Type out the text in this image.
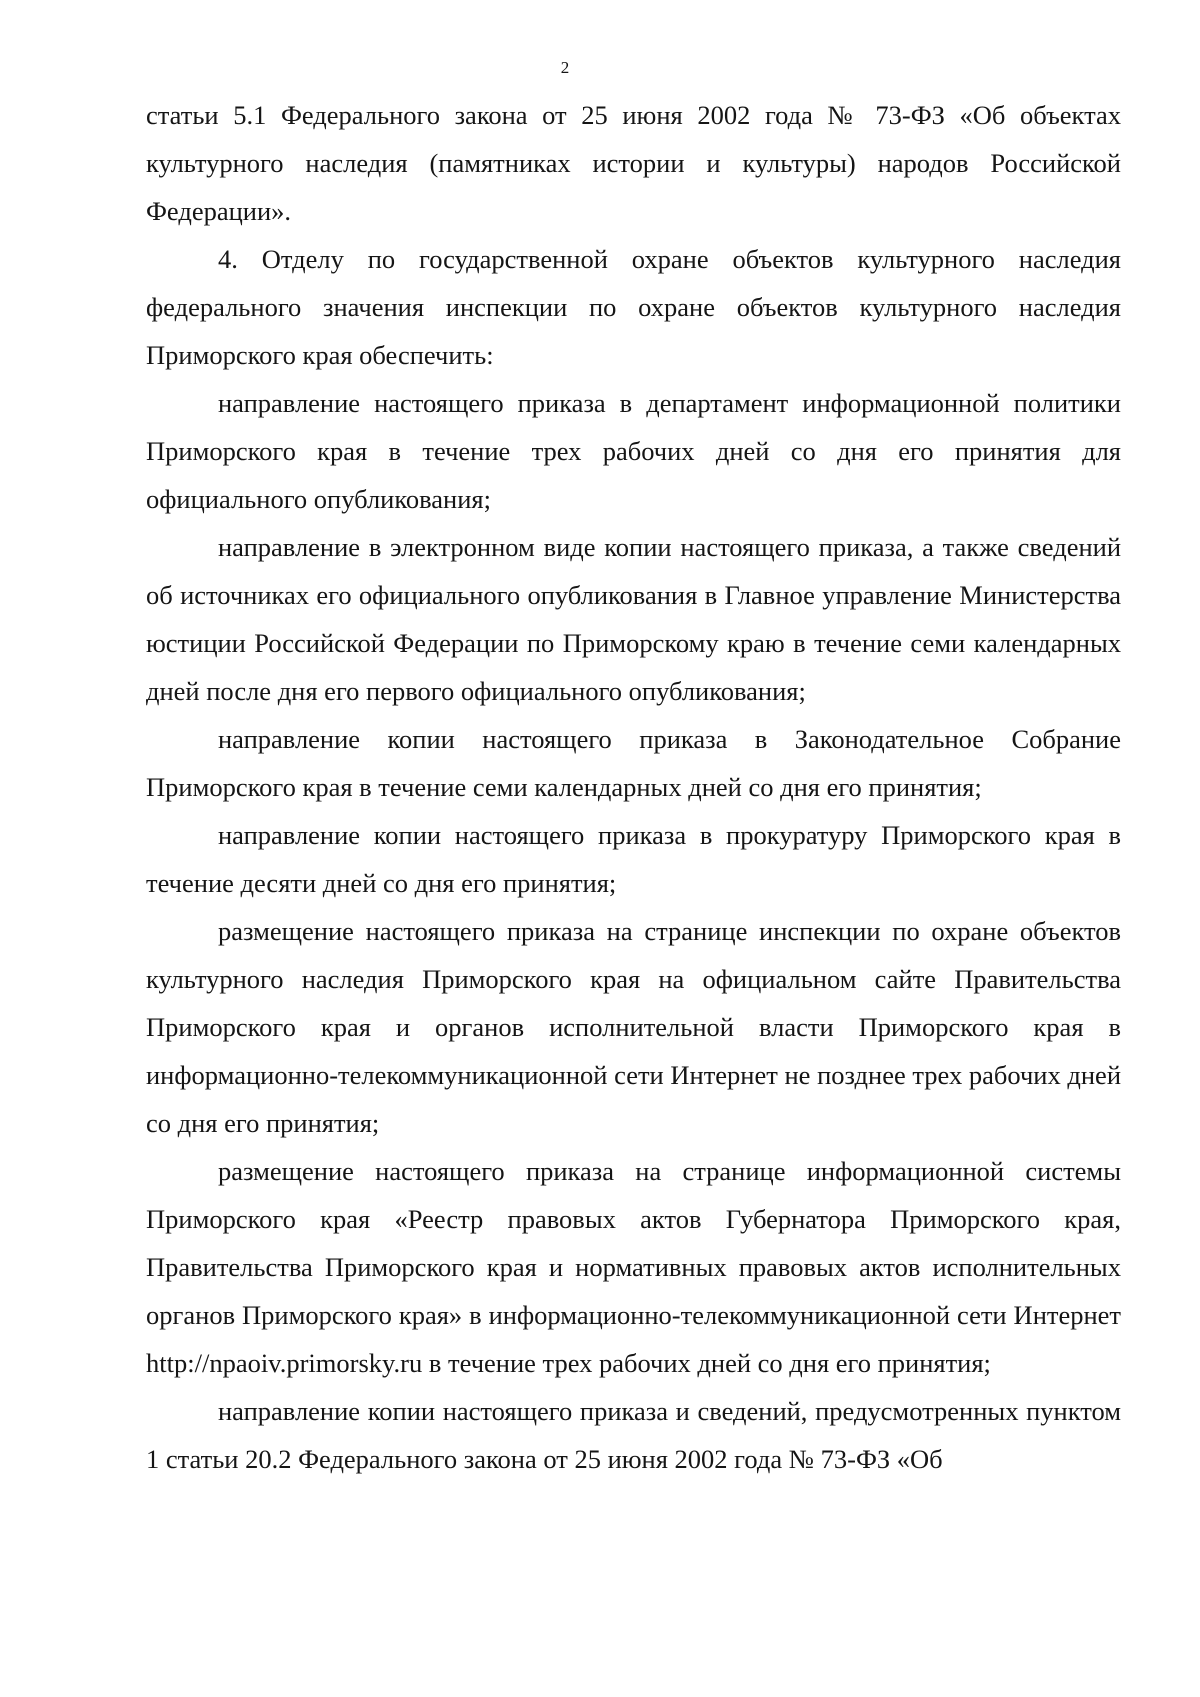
2

статьи 5.1 Федерального закона от 25 июня 2002 года № 73-ФЗ «Об объектах культурного наследия (памятниках истории и культуры) народов Российской Федерации».

4. Отделу по государственной охране объектов культурного наследия федерального значения инспекции по охране объектов культурного наследия Приморского края обеспечить:

направление настоящего приказа в департамент информационной политики Приморского края в течение трех рабочих дней со дня его принятия для официального опубликования;

направление в электронном виде копии настоящего приказа, а также сведений об источниках его официального опубликования в Главное управление Министерства юстиции Российской Федерации по Приморскому краю в течение семи календарных дней после дня его первого официального опубликования;

направление копии настоящего приказа в Законодательное Собрание Приморского края в течение семи календарных дней со дня его принятия;

направление копии настоящего приказа в прокуратуру Приморского края в течение десяти дней со дня его принятия;

размещение настоящего приказа на странице инспекции по охране объектов культурного наследия Приморского края на официальном сайте Правительства Приморского края и органов исполнительной власти Приморского края в информационно-телекоммуникационной сети Интернет не позднее трех рабочих дней со дня его принятия;

размещение настоящего приказа на странице информационной системы Приморского края «Реестр правовых актов Губернатора Приморского края, Правительства Приморского края и нормативных правовых актов исполнительных органов Приморского края» в информационно-телекоммуникационной сети Интернет http://npaoiv.primorsky.ru в течение трех рабочих дней со дня его принятия;

направление копии настоящего приказа и сведений, предусмотренных пунктом 1 статьи 20.2 Федерального закона от 25 июня 2002 года № 73-ФЗ «Об
